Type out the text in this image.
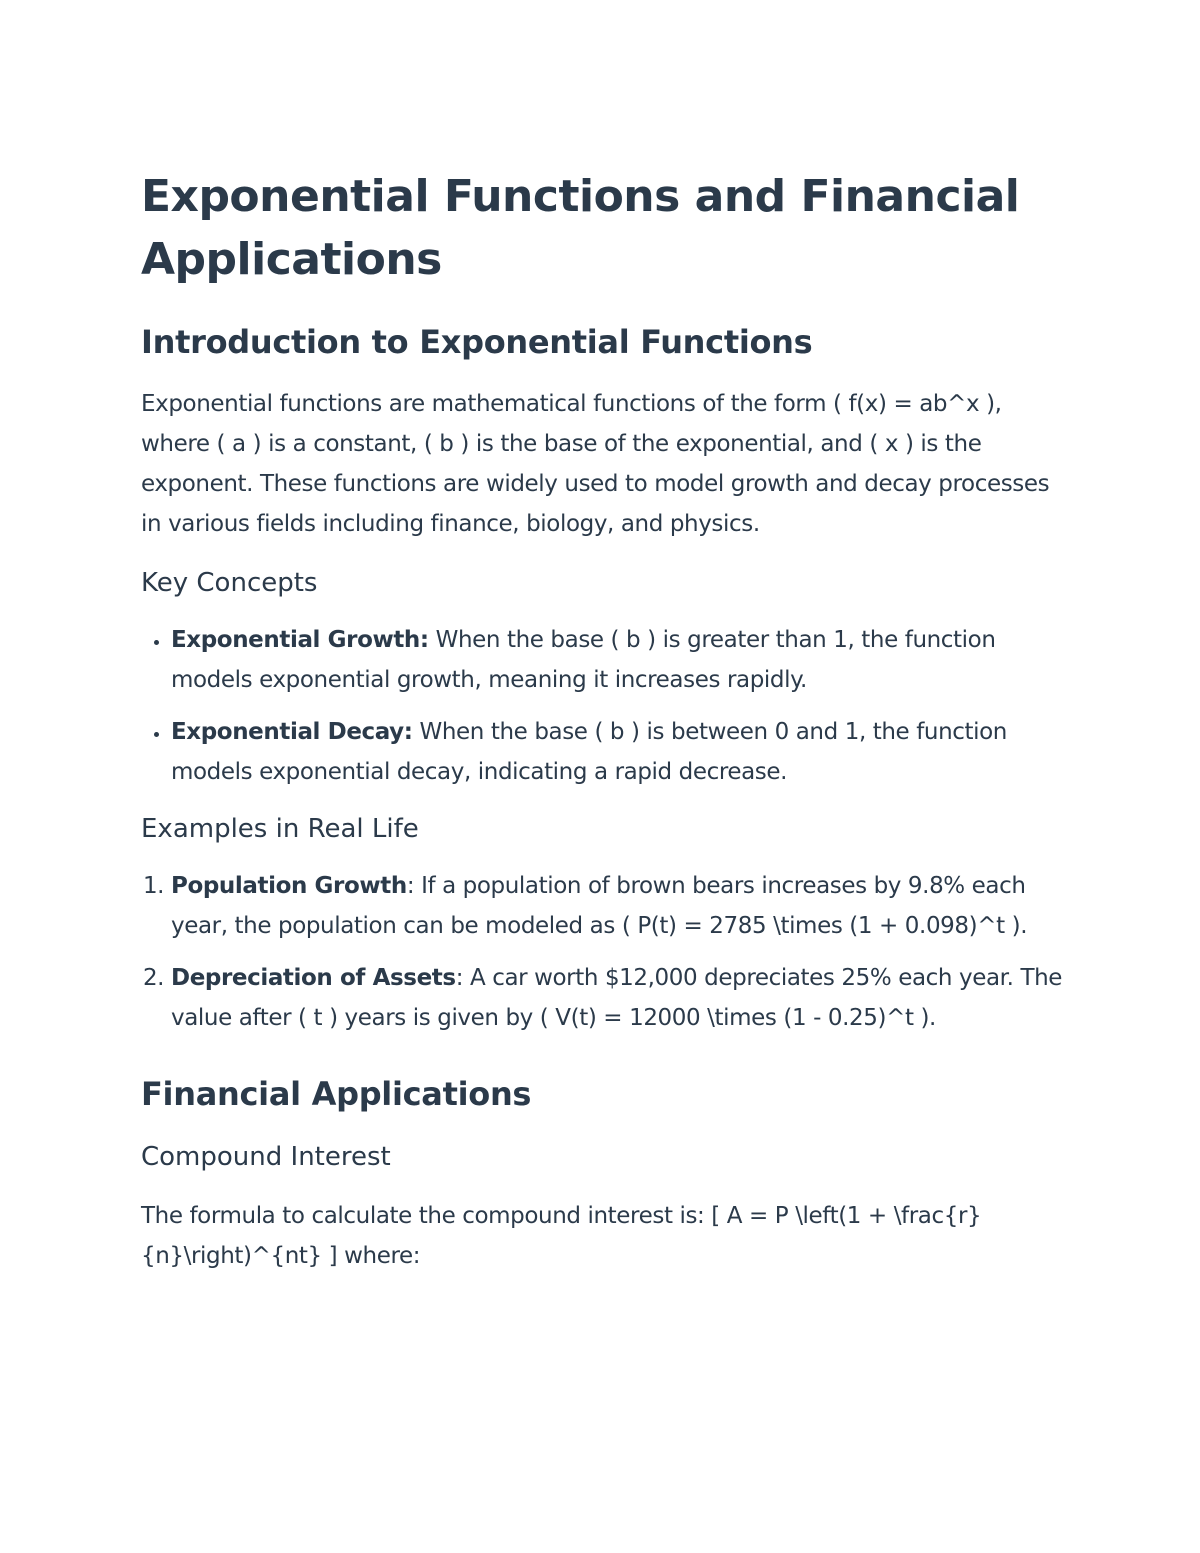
Exponential Functions and Financial Applications
Introduction to Exponential Functions

Exponential functions are mathematical functions of the form ( f(x) = ab^x ), where ( a ) is a constant, ( b ) is the base of the exponential, and ( x ) is the exponent. These functions are widely used to model growth and decay processes in various fields including finance, biology, and physics.

Key Concepts
• Exponential Growth: When the base ( b ) is greater than 1, the function models exponential growth, meaning it increases rapidly.
• Exponential Decay: When the base ( b ) is between 0 and 1, the function models exponential decay, indicating a rapid decrease.
Examples in Real Life
1. Population Growth: If a population of brown bears increases by 9.8% each year, the population can be modeled as ( P(t) = 2785 \times (1 + 0.098)^t ).
2. Depreciation of Assets: A car worth $12,000 depreciates 25% each year. The value after ( t ) years is given by ( V(t) = 12000 \times (1 - 0.25)^t ).
Financial Applications
Compound Interest

The formula to calculate the compound interest is: [ A = P \left(1 + \frac{r}{n}\right)^{nt} ] where:
